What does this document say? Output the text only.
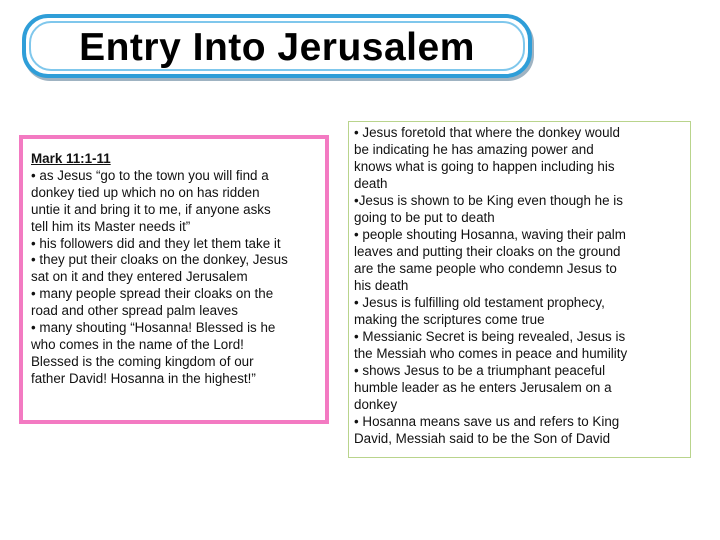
Entry Into Jerusalem
Mark 11:1-11
• as Jesus “go to the town you will find a
donkey tied up which no on has ridden
untie it and bring it to me, if anyone asks
tell him its Master needs it”
• his followers did and they let them take it
• they put their cloaks on the donkey, Jesus
sat on it and they entered Jerusalem
• many people spread their cloaks on the
road and other spread palm leaves
• many shouting “Hosanna! Blessed is he
who comes in the name of the Lord!
Blessed is the coming kingdom of our
father David! Hosanna in the highest!”
• Jesus foretold that where the donkey would
be indicating he has amazing power and
knows what is going to happen including his
death
•Jesus is shown to be King even though he is
going to be put to death
• people shouting Hosanna, waving their palm
leaves and putting their cloaks on the ground
are the same people who condemn Jesus to
his death
• Jesus is fulfilling old testament prophecy,
making the scriptures come true
• Messianic Secret is being revealed, Jesus is
the Messiah who comes in peace and humility
• shows Jesus to be a triumphant peaceful
humble leader as he enters Jerusalem on a
donkey
• Hosanna means save us and refers to King
David, Messiah said to be the Son of David
